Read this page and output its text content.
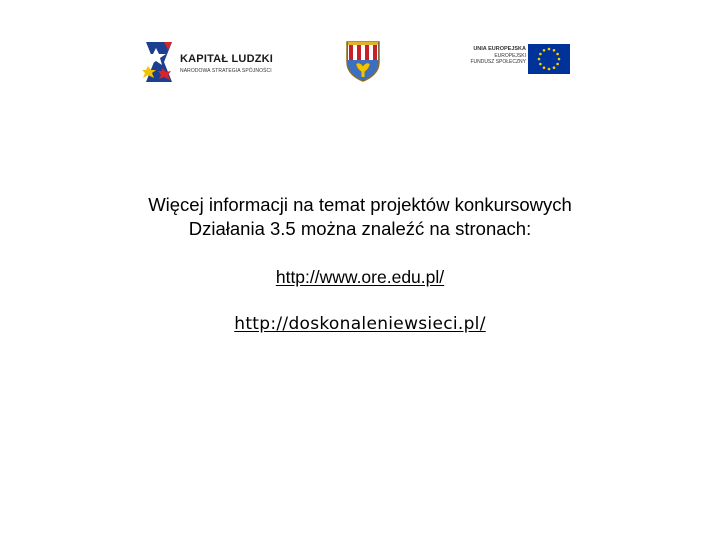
KAPITAŁ LUDZKI
NARODOWA STRATEGIA SPÓJNOŚCI
UNIA EUROPEJSKA
EUROPEJSKI
FUNDUSZ SPOŁECZNY
Więcej informacji na temat projektów konkursowych
Działania 3.5 można znaleźć na stronach:
http://www.ore.edu.pl/
http://doskonaleniewsieci.pl/
